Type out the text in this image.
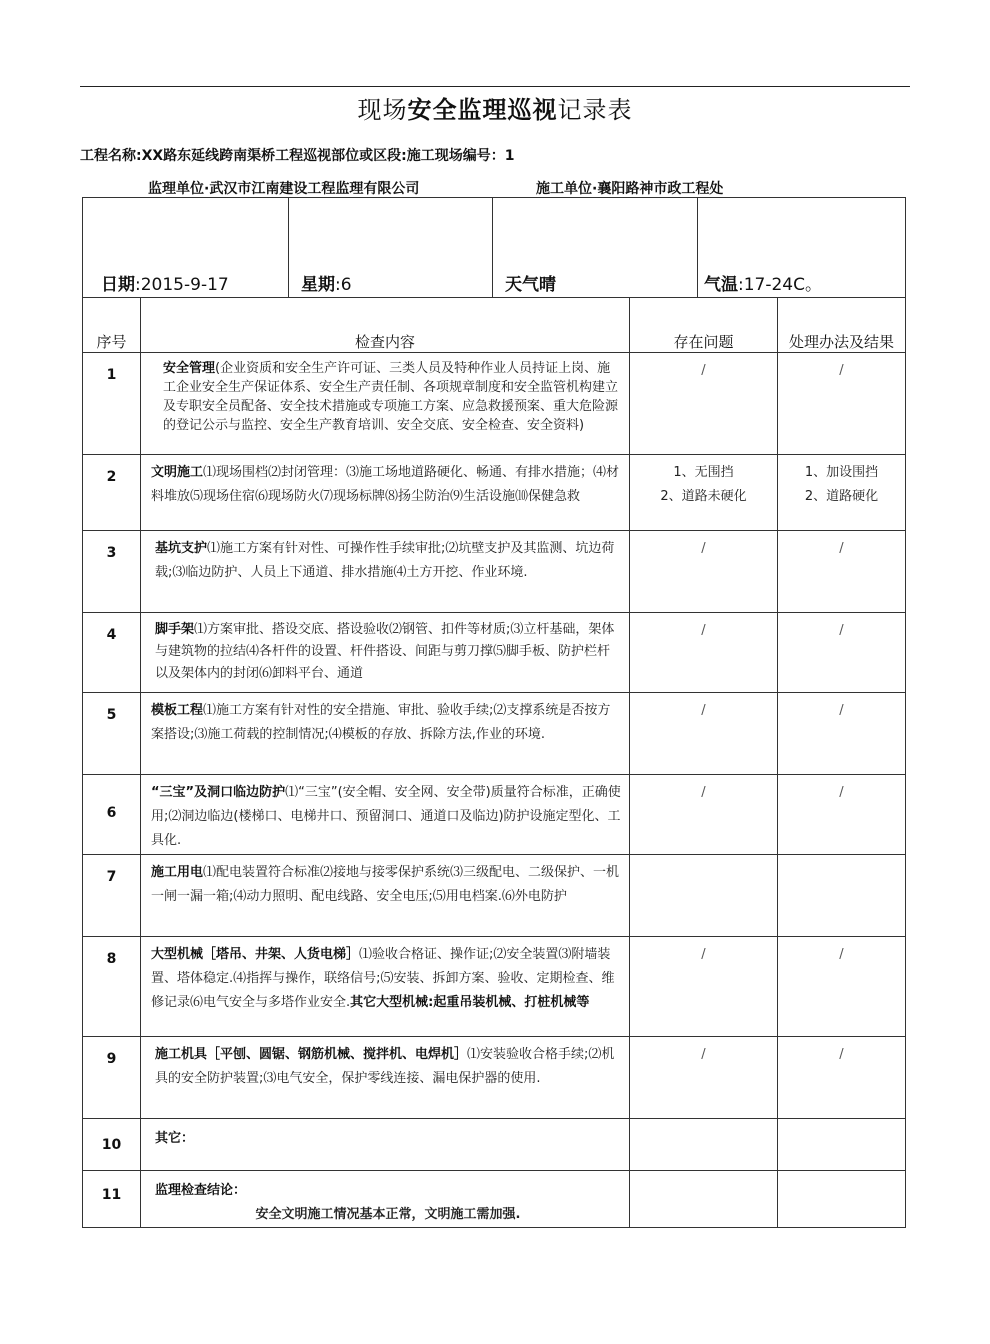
现场安全监理巡视记录表
工程名称:XX路东延线跨南渠桥工程巡视部位或区段:施工现场编号：1
监理单位·武汉市江南建设工程监理有限公司	施工单位·襄阳路神市政工程处
日期:2015-9-17		星期:6	天气晴		气温:17-24C。	

序号	检查内容			存在问题		处理办法及结果

1	安全管理(企业资质和安全生产许可证、三类人员及特种作业人员持证上岗、施工企业安全生产保证体系、安全生产责任制、各项规章制度和安全监管机构建立及专职安全员配备、安全技术措施或专项施工方案、应急救援预案、重大危险源的登记公示与监控、安全生产教育培训、安全交底、安全检查、安全资料)			/		/
2	文明施工⑴现场围档⑵封闭管理：⑶施工场地道路硬化、畅通、有排水措施；⑷材料堆放⑸现场住宿⑹现场防火⑺现场标牌⑻扬尘防治⑼生活设施⑽保健急救			1、无围挡
2、道路未硬化		1、加设围挡
2、道路硬化
3	基坑支护⑴施工方案有针对性、可操作性手续审批;⑵坑壁支护及其监测、坑边荷载;⑶临边防护、人员上下通道、排水措施⑷土方开挖、作业环境.			/		/
4	脚手架⑴方案审批、搭设交底、搭设验收⑵钢管、扣件等材质;⑶立杆基础，架体与建筑物的拉结⑷各杆件的设置、杆件搭设、间距与剪刀撑⑸脚手板、防护栏杆以及架体内的封闭⑹卸料平台、通道			/		/
5	模板工程⑴施工方案有针对性的安全措施、审批、验收手续;⑵支撑系统是否按方案搭设;⑶施工荷载的控制情况;⑷模板的存放、拆除方法,作业的环境.			/		/
6	“三宝”及洞口临边防护⑴“三宝”(安全帽、安全网、安全带)质量符合标准，正确使用;⑵洞边临边(楼梯口、电梯井口、预留洞口、通道口及临边)防护设施定型化、工具化.			/		/
7	施工用电⑴配电装置符合标准⑵接地与接零保护系统⑶三级配电、二级保护、一机一闸一漏一箱;⑷动力照明、配电线路、安全电压;⑸用电档案.⑹外电防护					
8	大型机械［塔吊、井架、人货电梯］⑴验收合格证、操作证;⑵安全装置⑶附墙装置、塔体稳定.⑷指挥与操作，联络信号;⑸安装、拆卸方案、验收、定期检查、维修记录⑹电气安全与多塔作业安全.其它大型机械:起重吊装机械、打桩机械等			/		/
9	施工机具［平刨、圆锯、钢筋机械、搅拌机、电焊机］⑴安装验收合格手续;⑵机具的安全防护装置;⑶电气安全，保护零线连接、漏电保护器的使用.			/		/
10	其它：					
11	监理检查结论：
安全文明施工情况基本正常，文明施工需加强.					
